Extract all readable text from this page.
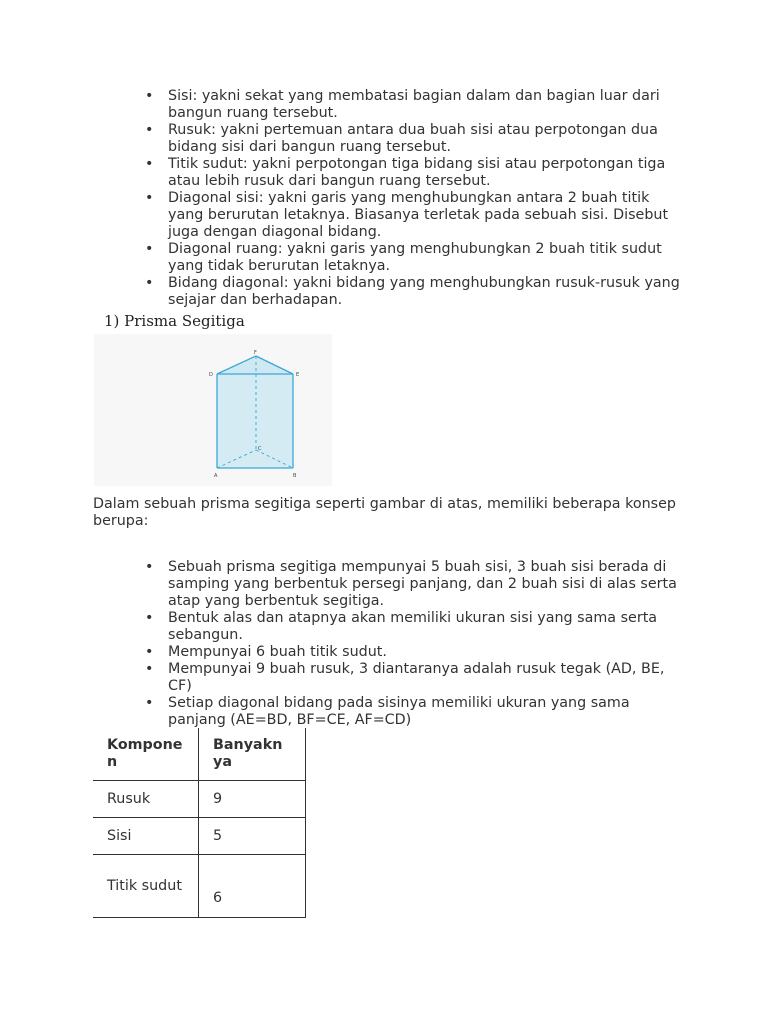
• Sisi: yakni sekat yang membatasi bagian dalam dan bagian luar dari bangun ruang tersebut.
• Rusuk: yakni pertemuan antara dua buah sisi atau perpotongan dua bidang sisi dari bangun ruang tersebut.
• Titik sudut: yakni perpotongan tiga bidang sisi atau perpotongan tiga atau lebih rusuk dari bangun ruang tersebut.
• Diagonal sisi: yakni garis yang menghubungkan antara 2 buah titik yang berurutan letaknya. Biasanya terletak pada sebuah sisi. Disebut juga dengan diagonal bidang.
• Diagonal ruang: yakni garis yang menghubungkan 2 buah titik sudut yang tidak berurutan letaknya.
• Bidang diagonal: yakni bidang yang menghubungkan rusuk-rusuk yang sejajar dan berhadapan.
1) Prisma Segitiga
F
D	E
C
A	B

Dalam sebuah prisma segitiga seperti gambar di atas, memiliki beberapa konsep berupa:

• Sebuah prisma segitiga mempunyai 5 buah sisi, 3 buah sisi berada di samping yang berbentuk persegi panjang, dan 2 buah sisi di alas serta atap yang berbentuk segitiga.
• Bentuk alas dan atapnya akan memiliki ukuran sisi yang sama serta sebangun.
• Mempunyai 6 buah titik sudut.
• Mempunyai 9 buah rusuk, 3 diantaranya adalah rusuk tegak (AD, BE, CF)
• Setiap diagonal bidang pada sisinya memiliki ukuran yang sama panjang (AE=BD, BF=CE, AF=CD)
Komponen	Banyaknya

Rusuk	9
Sisi	5

Titik sudut	6
